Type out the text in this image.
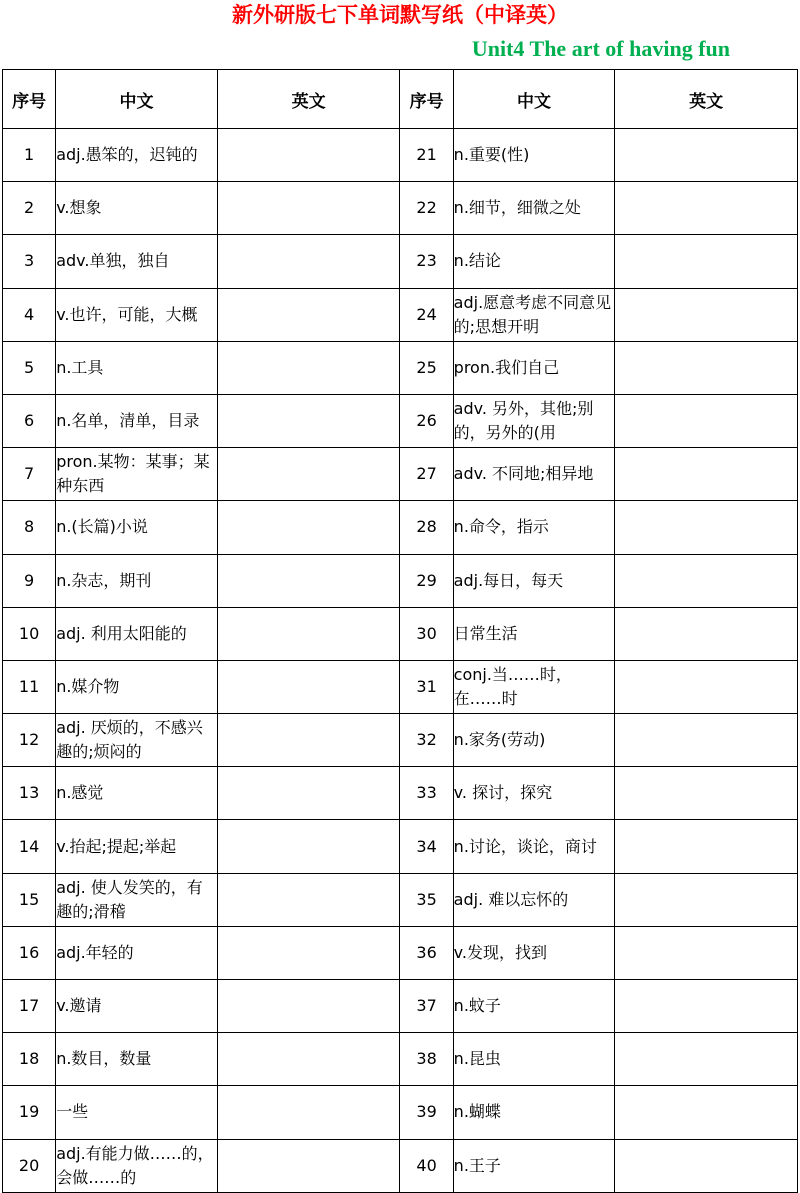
新外研版七下单词默写纸（中译英）
Unit4 The art of having fun
序号	中文	英文	序号	中文	英文
1	adj.愚笨的，迟钝的		21	n.重要(性)	
2	v.想象		22	n.细节，细微之处	
3	adv.单独，独自		23	n.结论	
4	v.也许，可能，大概		24	adj.愿意考虑不同意见的;思想开明	
5	n.工具		25	pron.我们自己	
6	n.名单，清单，目录		26	adv. 另外，其他;别的，另外的(用	
7	pron.某物：某事；某种东西		27	adv. 不同地;相异地	
8	n.(长篇)小说		28	n.命令，指示	
9	n.杂志，期刊		29	adj.每日，每天	
10	adj. 利用太阳能的		30	日常生活	
11	n.媒介物		31	conj.当……时，在……时	
12	adj. 厌烦的，不感兴趣的;烦闷的		32	n.家务(劳动)	
13	n.感觉		33	v. 探讨，探究	
14	v.抬起;提起;举起		34	n.讨论，谈论，商讨	
15	adj. 使人发笑的，有趣的;滑稽		35	adj. 难以忘怀的	
16	adj.年轻的		36	v.发现，找到	
17	v.邀请		37	n.蚊子	
18	n.数目，数量		38	n.昆虫	
19	一些		39	n.蝴蝶	
20	adj.有能力做……的，会做……的		40	n.王子	
